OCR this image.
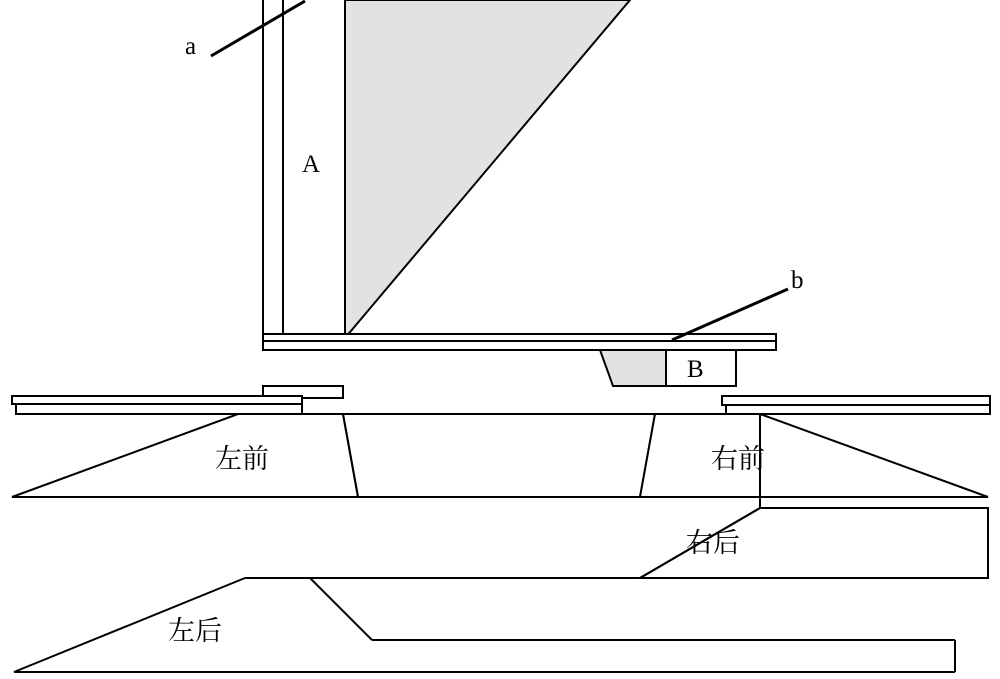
a
b
A
B
左前	右前
右后
左后
